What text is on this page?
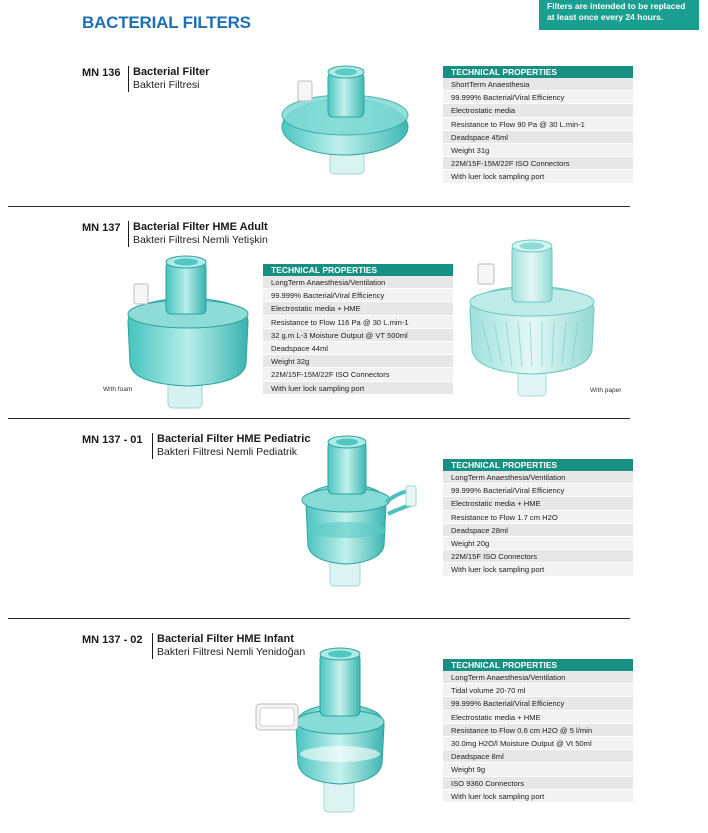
BACTERIAL FILTERS
Filters are intended to be replaced at least once every 24 hours.
MN 136 Bacterial Filter
Bakteri Filtresi
TECHNICAL PROPERTIES
ShortTerm Anaesthesia
99.999% Bacterial/Viral Efficiency
Electrostatic media
Resistance to Flow 90 Pa @ 30 L.min-1
Deadspace 45ml
Weight 31g
22M/15F-15M/22F ISO Connectors
With luer lock sampling port
MN 137 Bacterial Filter HME Adult
Bakteri Filtresi Nemli Yetişkin
With foam
TECHNICAL PROPERTIES
LongTerm Anaesthesia/Ventilation
99.999% Bacterial/Viral Efficiency
Electrostatic media + HME
Resistance to Flow 116 Pa @ 30 L.min-1
32 g.m L-3 Moisture Output @ VT 500ml
Deadspace 44ml
Weight 32g
22M/15F-15M/22F ISO Connectors
With luer lock sampling port	With paper
MN 137 - 01 Bacterial Filter HME Pediatric
Bakteri Filtresi Nemli Pediatrik
TECHNICAL PROPERTIES
LongTerm Anaesthesia/Ventilation
99.999% Bacterial/Viral Efficiency
Electrostatic media + HME
Resistance to Flow 1.7 cm H2O
Deadspace 28ml
Weight 20g
22M/15F ISO Connectors
With luer lock sampling port
MN 137 - 02 Bacterial Filter HME Infant
Bakteri Filtresi Nemli Yenidoğan
TECHNICAL PROPERTIES
LongTerm Anaesthesia/Ventilation
Tidal volume 20-70 ml
99.999% Bacterial/Viral Efficiency
Electrostatic media + HME
Resistance to Flow 0.6 cm H2O @ 5 l/min
30.0mg H2O/l Moisture Output @ Vt 50ml
Deadspace 8ml
Weight 9g
ISO 9360 Connectors
With luer lock sampling port
